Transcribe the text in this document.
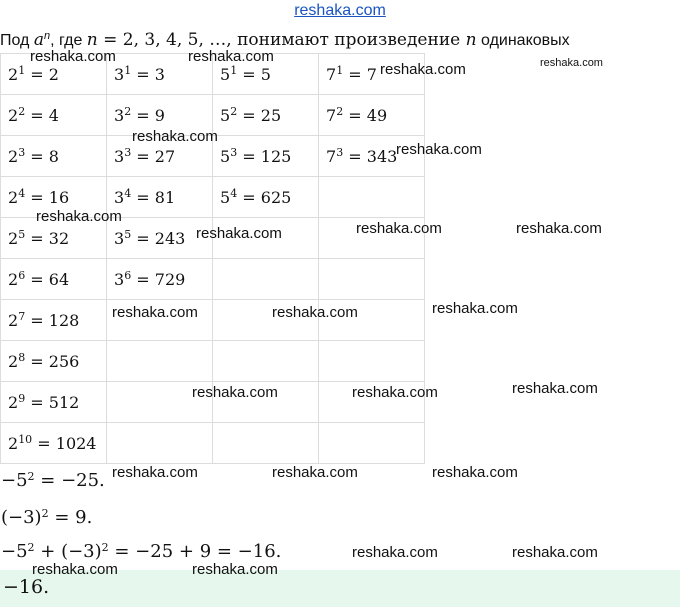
reshaka.com
Под $a^n$, где n = 2, 3, 4, 5, …, понимают произведение n одинаковых
$2^1 = 2$	$3^1 = 3$	$5^1 = 5$	$7^1 = 7$
$2^2 = 4$	$3^2 = 9$	$5^2 = 25$	$7^2 = 49$
$2^3 = 8$	$3^3 = 27$	$5^3 = 125$	$7^3 = 343$
$2^4 = 16$	$3^4 = 81$	$5^4 = 625$	
$2^5 = 32$	$3^5 = 243$		
$2^6 = 64$	$3^6 = 729$		
$2^7 = 128$			
$2^8 = 256$			
$2^9 = 512$			
$2^{10} = 1024$			
$-5^2 = -25$.
$(-3)^2 = 9$.
$-5^2 + (-3)^2 = -25 + 9 = -16$.
−16.
reshaka.com	reshaka.com
reshaka.com	reshaka.com
reshaka.com
reshaka.com
reshaka.com
reshaka.com	reshaka.com	reshaka.com
reshaka.com	reshaka.com	reshaka.com
reshaka.com	reshaka.com	reshaka.com
reshaka.com	reshaka.com	reshaka.com
reshaka.com	reshaka.com
reshaka.com	reshaka.com
